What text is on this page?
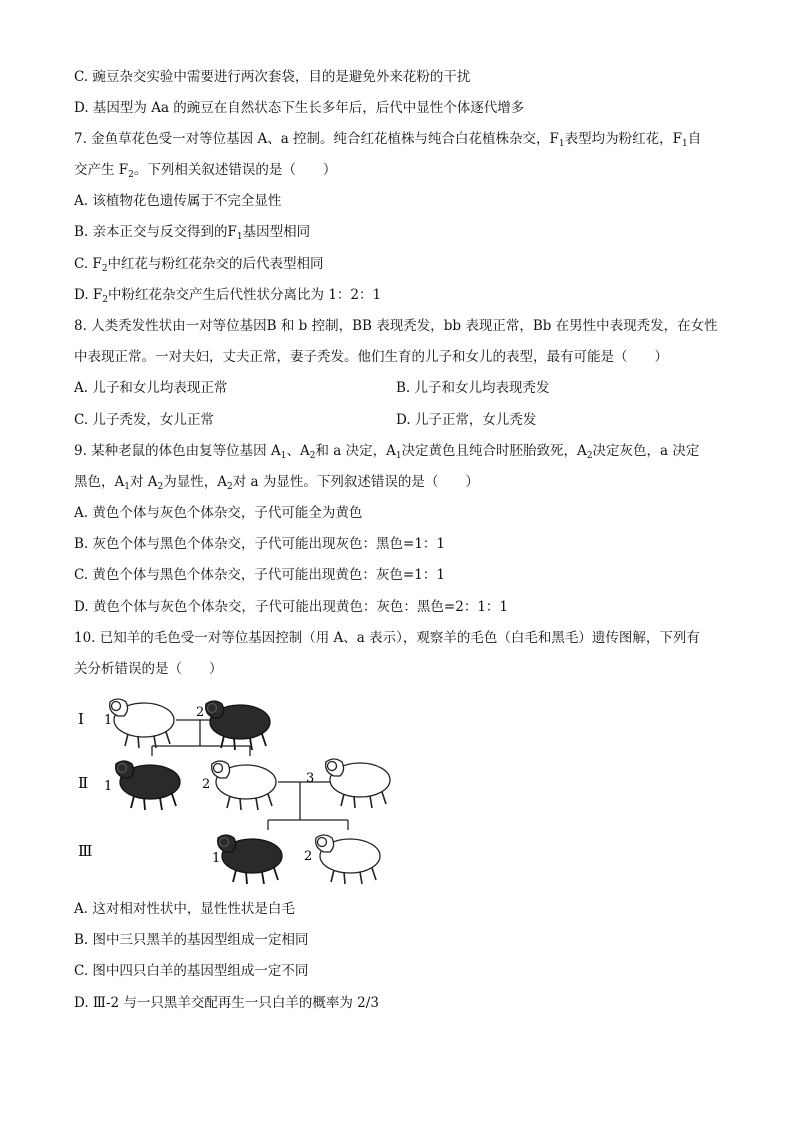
C. 豌豆杂交实验中需要进行两次套袋，目的是避免外来花粉的干扰
D. 基因型为 Aa 的豌豆在自然状态下生长多年后，后代中显性个体逐代增多
7. 金鱼草花色受一对等位基因 A、a 控制。纯合红花植株与纯合白花植株杂交，$F_1$表型均为粉红花，$F_1$自
交产生 $F_2$。下列相关叙述错误的是（　　）
A. 该植物花色遗传属于不完全显性
B. 亲本正交与反交得到的$F_1$基因型相同
C. $F_2$中红花与粉红花杂交的后代表型相同
D. $F_2$中粉红花杂交产生后代性状分离比为 1：2：1
8. 人类秃发性状由一对等位基因B 和 b 控制，BB 表现秃发，bb 表现正常，Bb 在男性中表现秃发，在女性
中表现正常。一对夫妇，丈夫正常，妻子秃发。他们生育的儿子和女儿的表型，最有可能是（　　）
A. 儿子和女儿均表现正常	B. 儿子和女儿均表现秃发
C. 儿子秃发，女儿正常	D. 儿子正常，女儿秃发
9. 某种老鼠的体色由复等位基因 $A_1$、$A_2$和 a 决定，$A_1$决定黄色且纯合时胚胎致死，$A_2$决定灰色，a 决定
黑色，$A_1$对 $A_2$为显性，$A_2$对 a 为显性。下列叙述错误的是（　　）
A. 黄色个体与灰色个体杂交，子代可能全为黄色
B. 灰色个体与黑色个体杂交，子代可能出现灰色：黑色=1：1
C. 黄色个体与黑色个体杂交，子代可能出现黄色：灰色=1：1
D. 黄色个体与灰色个体杂交，子代可能出现黄色：灰色：黑色=2：1：1
10. 已知羊的毛色受一对等位基因控制（用 A、a 表示），观察羊的毛色（白毛和黑毛）遗传图解，下列有
关分析错误的是（　　）
Ⅰ
Ⅱ
Ⅲ
1
2
1	2	3
1	2
A. 这对相对性状中，显性性状是白毛
B. 图中三只黑羊的基因型组成一定相同
C. 图中四只白羊的基因型组成一定不同
D. Ⅲ-2 与一只黑羊交配再生一只白羊的概率为 2/3
